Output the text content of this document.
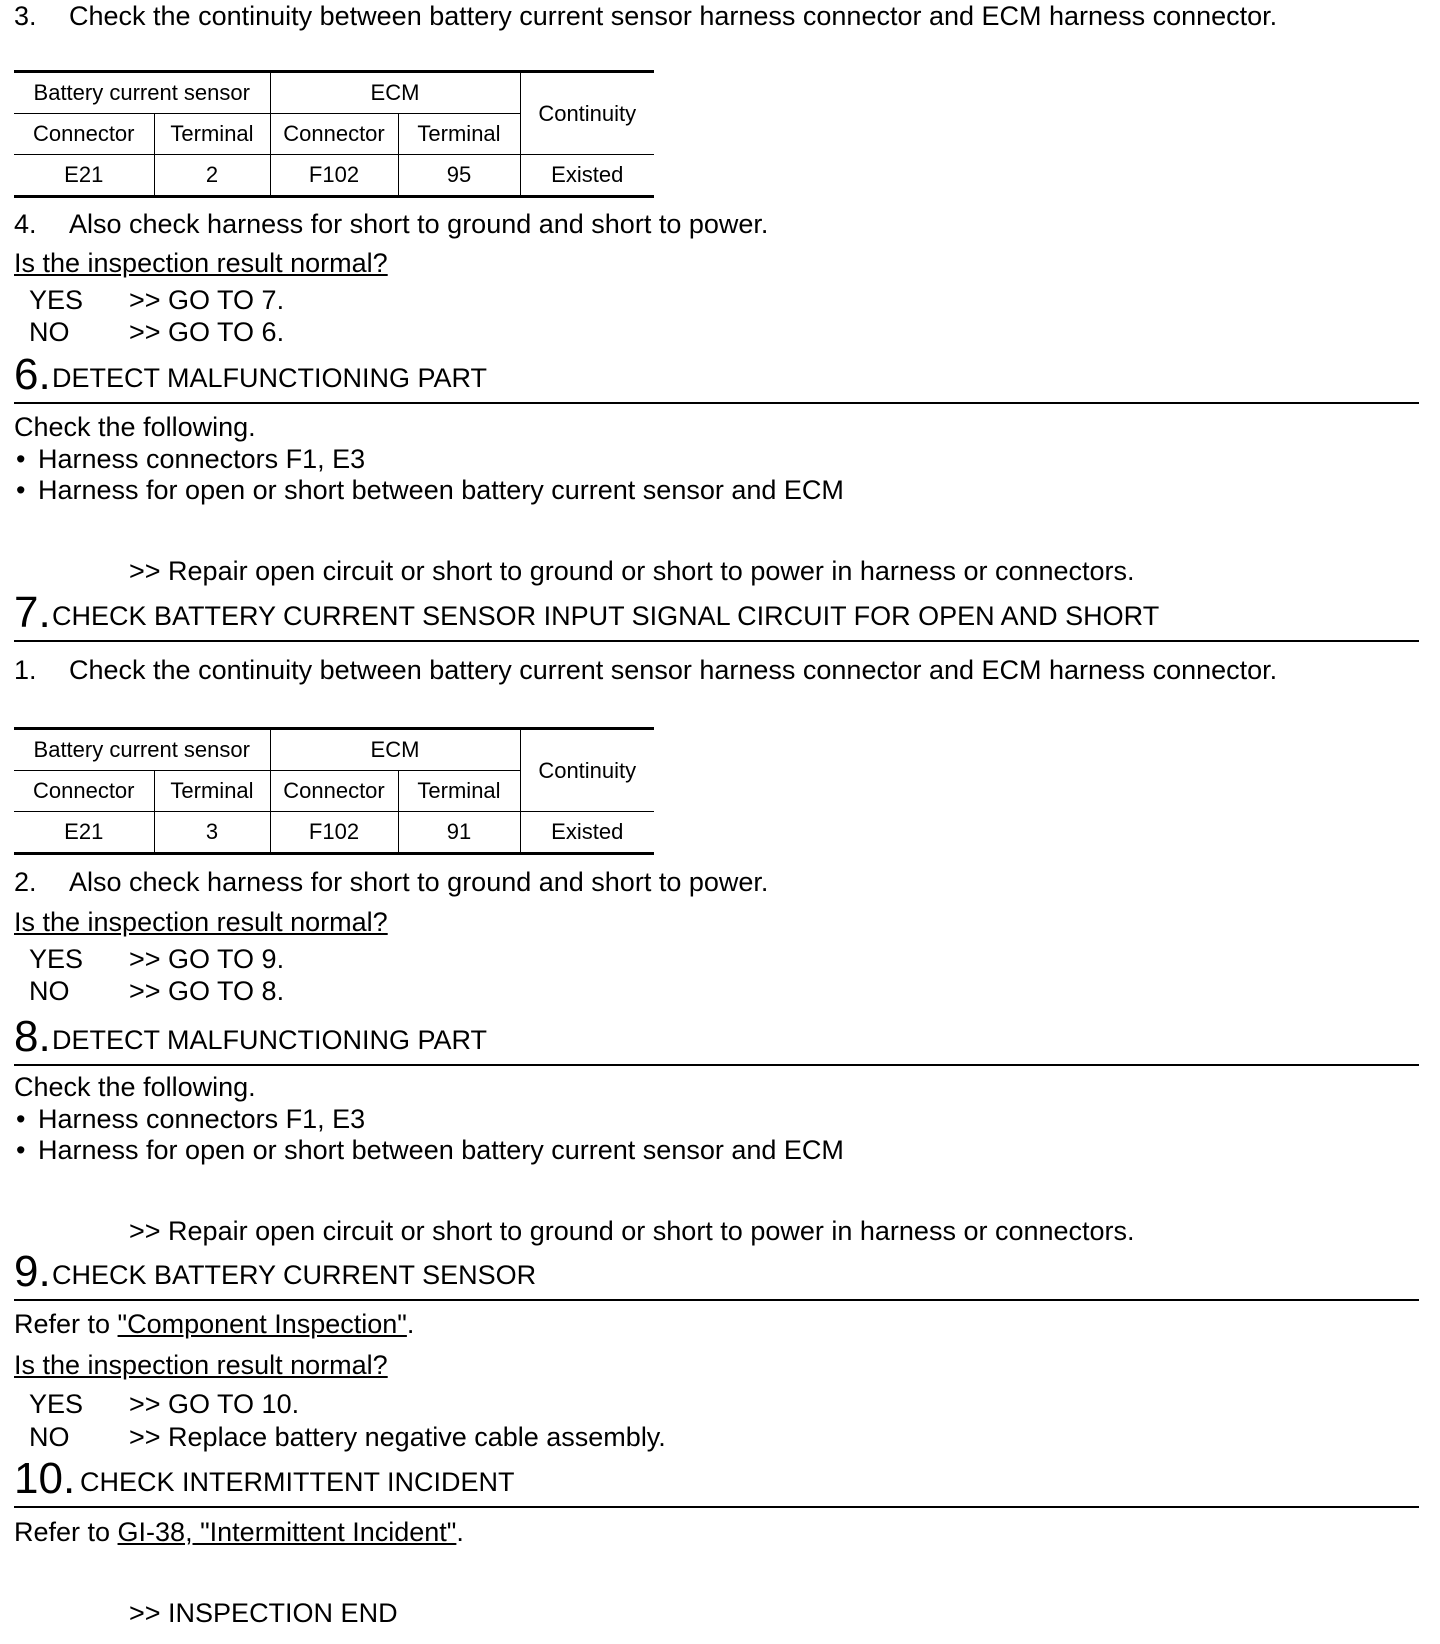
3.	Check the continuity between battery current sensor harness connector and ECM harness connector.
Battery current sensor		ECM		Continuity
Connector	Terminal	Connector	Terminal	
E21	2	F102	95	Existed
4.	Also check harness for short to ground and short to power.
Is the inspection result normal?
YES >> GO TO 7.
NO >> GO TO 6.
6. DETECT MALFUNCTIONING PART
Check the following.
• Harness connectors F1, E3
• Harness for open or short between battery current sensor and ECM
>> Repair open circuit or short to ground or short to power in harness or connectors.
7. CHECK BATTERY CURRENT SENSOR INPUT SIGNAL CIRCUIT FOR OPEN AND SHORT
1.	Check the continuity between battery current sensor harness connector and ECM harness connector.
Battery current sensor		ECM		Continuity
Connector	Terminal	Connector	Terminal	
E21	3	F102	91	Existed
2.	Also check harness for short to ground and short to power.
Is the inspection result normal?
YES >> GO TO 9.
NO >> GO TO 8.
8. DETECT MALFUNCTIONING PART
Check the following.
• Harness connectors F1, E3
• Harness for open or short between battery current sensor and ECM
>> Repair open circuit or short to ground or short to power in harness or connectors.
9. CHECK BATTERY CURRENT SENSOR
Refer to "Component Inspection".
Is the inspection result normal?
YES >> GO TO 10.
NO >> Replace battery negative cable assembly.
10. CHECK INTERMITTENT INCIDENT
Refer to GI-38, "Intermittent Incident".
>> INSPECTION END
